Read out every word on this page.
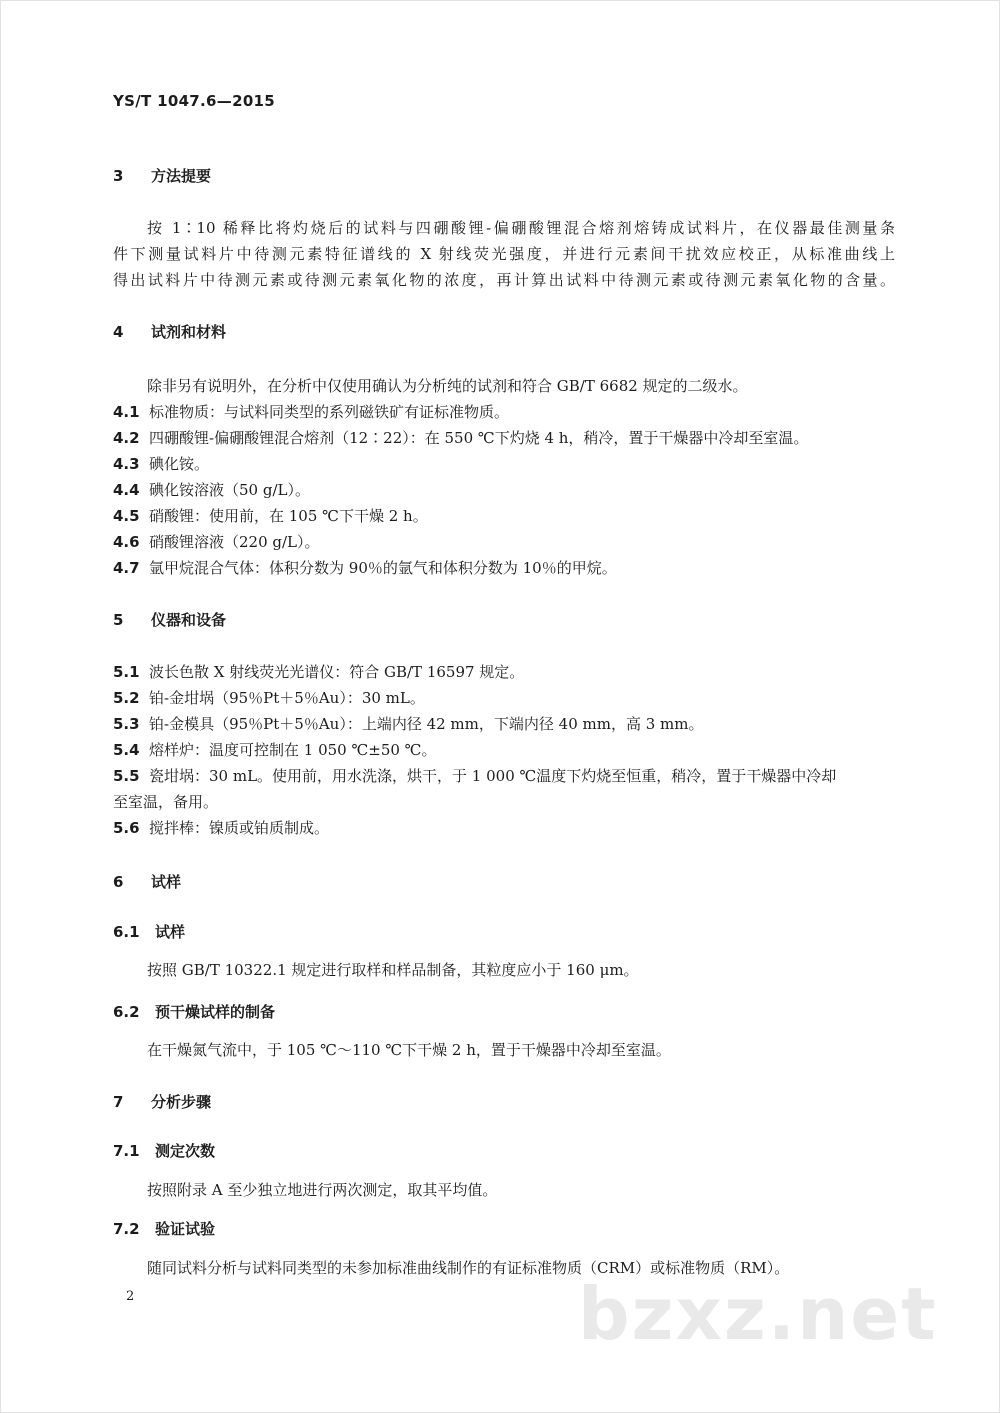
YS/T 1047.6—2015
3 方法提要
按 1∶10 稀释比将灼烧后的试料与四硼酸锂-偏硼酸锂混合熔剂熔铸成试料片，在仪器最佳测量条
件下测量试料片中待测元素特征谱线的 X 射线荧光强度，并进行元素间干扰效应校正，从标准曲线上
得出试料片中待测元素或待测元素氧化物的浓度，再计算出试料中待测元素或待测元素氧化物的含量。
4 试剂和材料
除非另有说明外，在分析中仅使用确认为分析纯的试剂和符合 GB/T 6682 规定的二级水。
4.1 标准物质：与试料同类型的系列磁铁矿有证标准物质。
4.2 四硼酸锂-偏硼酸锂混合熔剂（12∶22）：在 550 ℃下灼烧 4 h，稍冷，置于干燥器中冷却至室温。
4.3 碘化铵。
4.4 碘化铵溶液（50 g/L）。
4.5 硝酸锂：使用前，在 105 ℃下干燥 2 h。
4.6 硝酸锂溶液（220 g/L）。
4.7 氩甲烷混合气体：体积分数为 90％的氩气和体积分数为 10％的甲烷。
5 仪器和设备
5.1 波长色散 X 射线荧光光谱仪：符合 GB/T 16597 规定。
5.2 铂-金坩埚（95％Pt＋5％Au）：30 mL。
5.3 铂-金模具（95％Pt＋5％Au）：上端内径 42 mm，下端内径 40 mm，高 3 mm。
5.4 熔样炉：温度可控制在 1 050 ℃±50 ℃。
5.5 瓷坩埚：30 mL。使用前，用水洗涤，烘干，于 1 000 ℃温度下灼烧至恒重，稍冷，置于干燥器中冷却
至室温，备用。
5.6 搅拌棒：镍质或铂质制成。
6 试样
6.1 试样
按照 GB/T 10322.1 规定进行取样和样品制备，其粒度应小于 160 μm。
6.2 预干燥试样的制备
在干燥氮气流中，于 105 ℃～110 ℃下干燥 2 h，置于干燥器中冷却至室温。
7 分析步骤
7.1 测定次数
按照附录 A 至少独立地进行两次测定，取其平均值。
7.2 验证试验
随同试料分析与试料同类型的未参加标准曲线制作的有证标准物质（CRM）或标准物质（RM）。
2	bzxz.net
